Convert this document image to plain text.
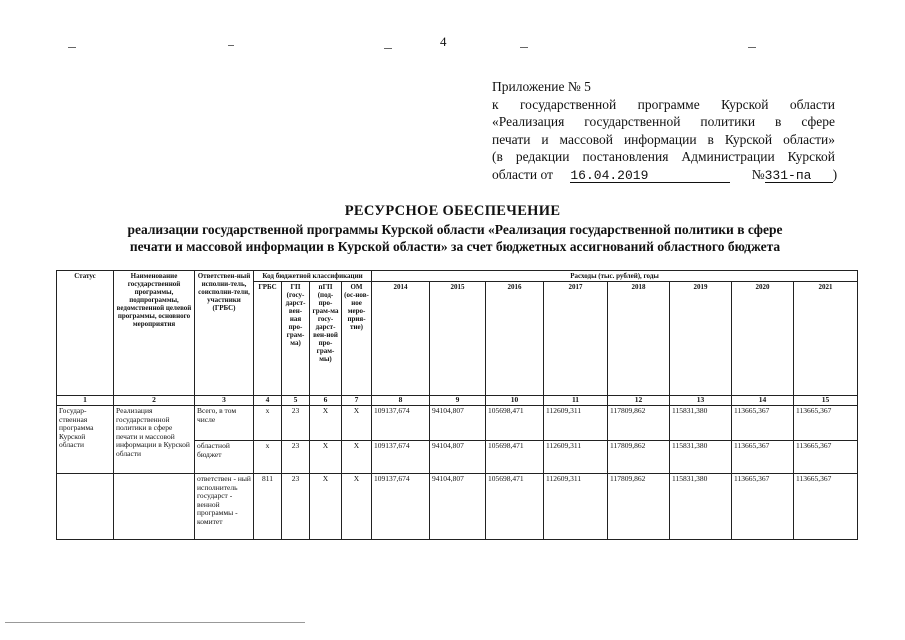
4
Приложение № 5
к государственной программе Курской области
«Реализация государственной политики в сфере
печати и массовой информации в Курской области»
(в редакции постановления Администрации Курской
области от 16.04.2019	№331-па )
РЕСУРСНОЕ ОБЕСПЕЧЕНИЕ
реализации государственной программы Курской области «Реализация государственной политики в сфере
печати и массовой информации в Курской области» за счет бюджетных ассигнований областного бюджета
Статус	Наименование государственной программы, подпрограммы, ведомственной целевой программы, основного мероприятия	Ответствен-ный исполни-тель, соисполни-тели, участники (ГРБС)	Код бюджетной классификации				Расходы (тыс. рублей), годы							
			ГРБС	ГП (госу-дарст-вен-ная про-грам-ма)	пГП (под-про-грам-ма госу-дарст-вен-ной про-грам-мы)	ОМ (ос-нов-ное меро-прия-тие)	2014	2015	2016	2017	2018	2019	2020	2021
1	2	3	4	5	6	7	8	9	10	11	12	13	14	15
Государ-ственная программа Курской области	Реализация государственной политики в сфере печати и массовой информации в Курской области	Всего, в том числе	х	23	Х	Х	109137,674	94104,807	105698,471	112609,311	117809,862	115831,380	113665,367	113665,367
		областной бюджет	х	23	Х	Х	109137,674	94104,807	105698,471	112609,311	117809,862	115831,380	113665,367	113665,367
		ответствен - ный исполнитель государст - венной программы - комитет	811	23	Х	Х	109137,674	94104,807	105698,471	112609,311	117809,862	115831,380	113665,367	113665,367
